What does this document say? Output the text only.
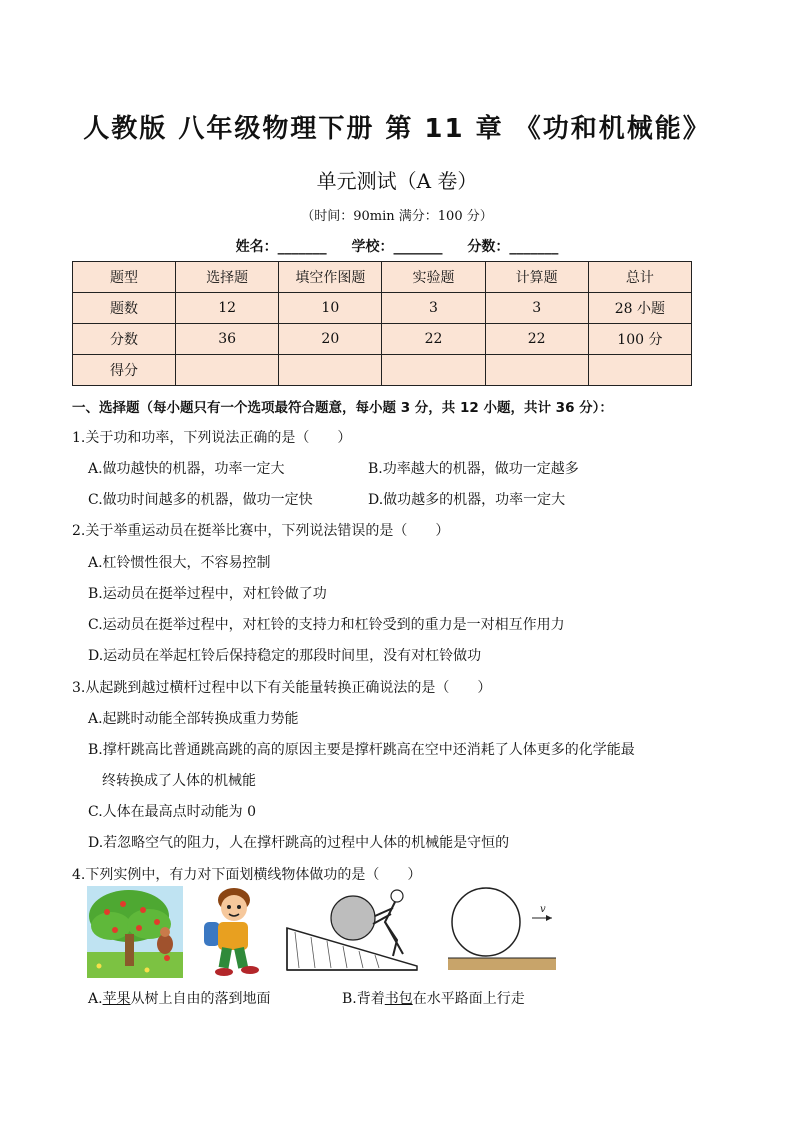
人教版 八年级物理下册 第 11 章 《功和机械能》
单元测试（A 卷）
（时间：90min 满分：100 分）
姓名：_______ 学校：_______ 分数：_______
题型	选择题	填空作图题	实验题	计算题	总计
题数	12	10	3	3	28 小题
分数	36	20	22	22	100 分
得分					
一、选择题（每小题只有一个选项最符合题意，每小题 3 分，共 12 小题，共计 36 分）：
1.关于功和功率，下列说法正确的是（　　）
A.做功越快的机器，功率一定大	B.功率越大的机器，做功一定越多
C.做功时间越多的机器，做功一定快	D.做功越多的机器，功率一定大
2.关于举重运动员在挺举比赛中，下列说法错误的是（　　）
A.杠铃惯性很大，不容易控制
B.运动员在挺举过程中，对杠铃做了功
C.运动员在挺举过程中，对杠铃的支持力和杠铃受到的重力是一对相互作用力
D.运动员在举起杠铃后保持稳定的那段时间里，没有对杠铃做功
3.从起跳到越过横杆过程中以下有关能量转换正确说法的是（　　）
A.起跳时动能全部转换成重力势能
B.撑杆跳高比普通跳高跳的高的原因主要是撑杆跳高在空中还消耗了人体更多的化学能最
终转换成了人体的机械能
C.人体在最高点时动能为 0
D.若忽略空气的阻力，人在撑杆跳高的过程中人体的机械能是守恒的
4.下列实例中，有力对下面划横线物体做功的是（　　）
v
A.苹果从树上自由的落到地面	B.背着书包在水平路面上行走
